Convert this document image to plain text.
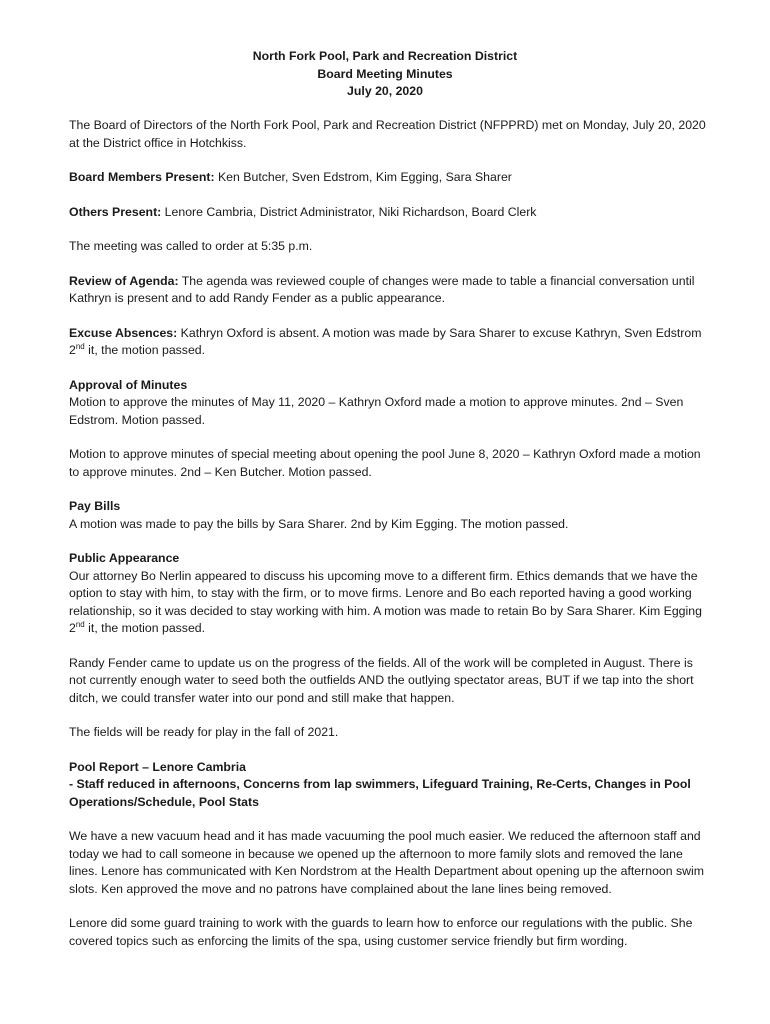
North Fork Pool, Park and Recreation District
Board Meeting Minutes
July 20, 2020

The Board of Directors of the North Fork Pool, Park and Recreation District (NFPPRD) met on Monday, July 20, 2020 at the District office in Hotchkiss.

Board Members Present: Ken Butcher, Sven Edstrom, Kim Egging, Sara Sharer

Others Present: Lenore Cambria, District Administrator, Niki Richardson, Board Clerk

The meeting was called to order at 5:35 p.m.

Review of Agenda: The agenda was reviewed couple of changes were made to table a financial conversation until Kathryn is present and to add Randy Fender as a public appearance.

Excuse Absences: Kathryn Oxford is absent. A motion was made by Sara Sharer to excuse Kathryn, Sven Edstrom 2nd it, the motion passed.

Approval of Minutes

Motion to approve the minutes of May 11, 2020 – Kathryn Oxford made a motion to approve minutes. 2nd – Sven Edstrom. Motion passed.

Motion to approve minutes of special meeting about opening the pool June 8, 2020 – Kathryn Oxford made a motion to approve minutes. 2nd – Ken Butcher. Motion passed.

Pay Bills

A motion was made to pay the bills by Sara Sharer. 2nd by Kim Egging. The motion passed.

Public Appearance

Our attorney Bo Nerlin appeared to discuss his upcoming move to a different firm. Ethics demands that we have the option to stay with him, to stay with the firm, or to move firms. Lenore and Bo each reported having a good working relationship, so it was decided to stay working with him. A motion was made to retain Bo by Sara Sharer. Kim Egging 2nd it, the motion passed.

Randy Fender came to update us on the progress of the fields. All of the work will be completed in August. There is not currently enough water to seed both the outfields AND the outlying spectator areas, BUT if we tap into the short ditch, we could transfer water into our pond and still make that happen.

The fields will be ready for play in the fall of 2021.

Pool Report – Lenore Cambria

- Staff reduced in afternoons, Concerns from lap swimmers, Lifeguard Training, Re-Certs, Changes in Pool Operations/Schedule, Pool Stats

We have a new vacuum head and it has made vacuuming the pool much easier. We reduced the afternoon staff and today we had to call someone in because we opened up the afternoon to more family slots and removed the lane lines. Lenore has communicated with Ken Nordstrom at the Health Department about opening up the afternoon swim slots. Ken approved the move and no patrons have complained about the lane lines being removed.

Lenore did some guard training to work with the guards to learn how to enforce our regulations with the public. She covered topics such as enforcing the limits of the spa, using customer service friendly but firm wording.
